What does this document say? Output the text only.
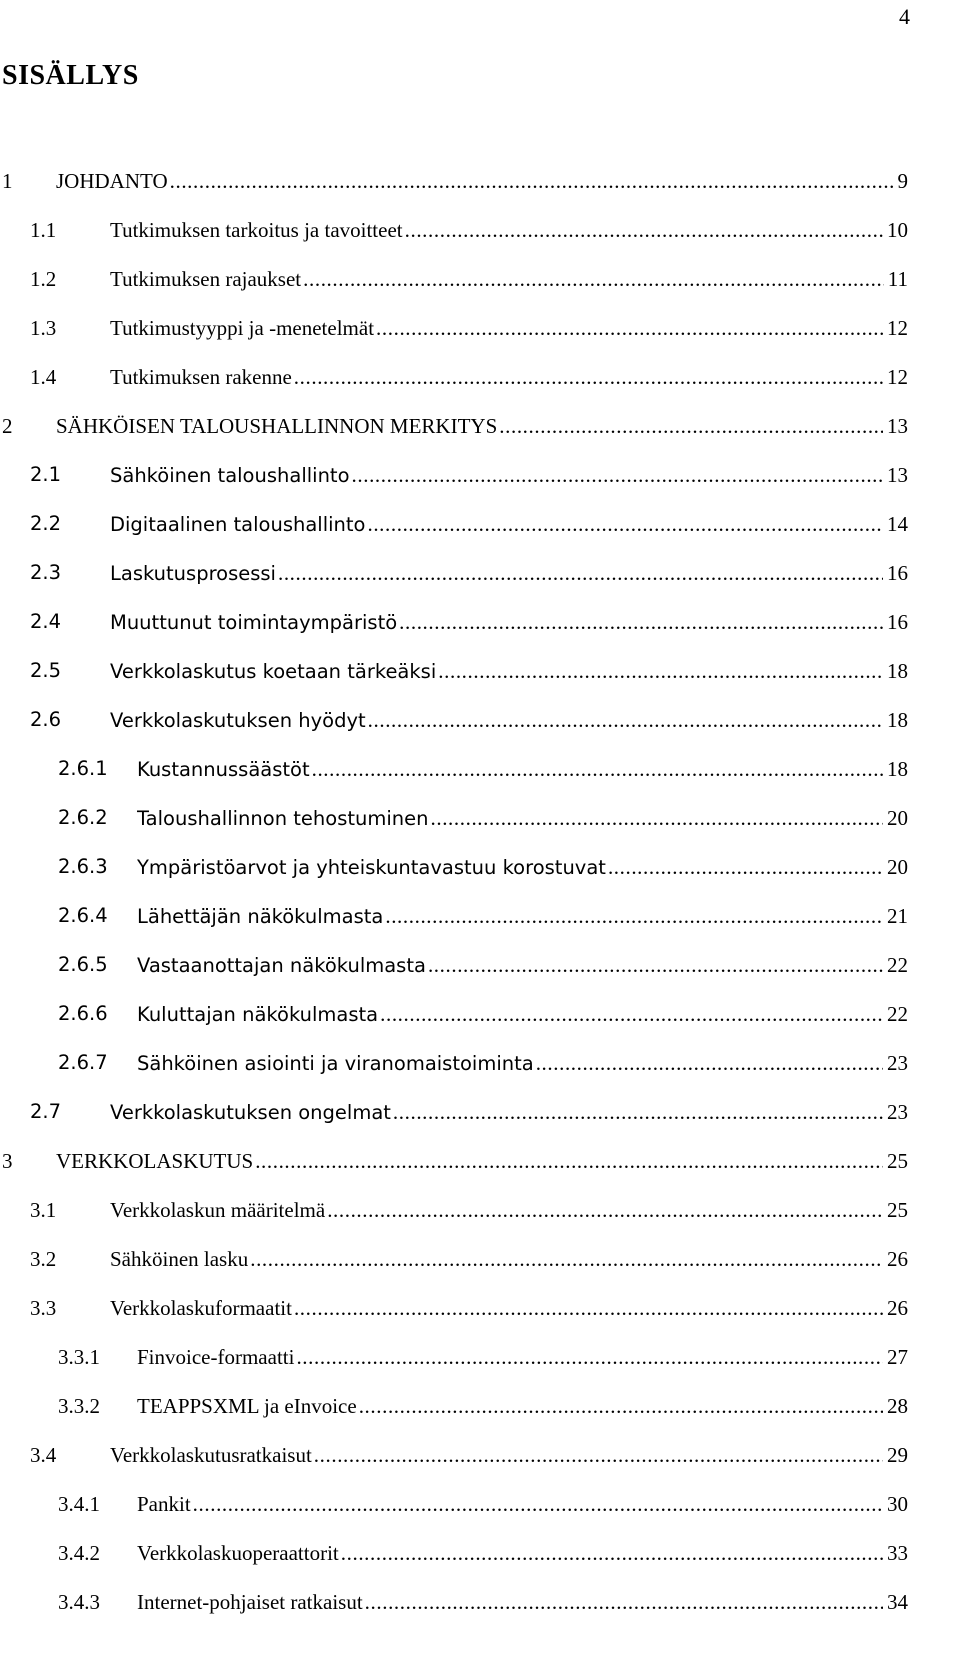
4
SISÄLLYS
1 JOHDANTO .....	9
1.1	Tutkimuksen tarkoitus ja tavoitteet .....	10
1.2	Tutkimuksen rajaukset .....	11
1.3	Tutkimustyyppi ja -menetelmät .....	12
1.4	Tutkimuksen rakenne .....	12
2 SÄHKÖISEN TALOUSHALLINNON MERKITYS .....	13
2.1	Sähköinen taloushallinto .....	13
2.2	Digitaalinen taloushallinto .....	14
2.3	Laskutusprosessi .....	16
2.4	Muuttunut toimintaympäristö .....	16
2.5	Verkkolaskutus koetaan tärkeäksi .....	18
2.6	Verkkolaskutuksen hyödyt .....	18
2.6.1 Kustannussäästöt .....	18
2.6.2 Taloushallinnon tehostuminen .....	20
2.6.3 Ympäristöarvot ja yhteiskuntavastuu korostuvat .....	20
2.6.4 Lähettäjän näkökulmasta .....	21
2.6.5 Vastaanottajan näkökulmasta .....	22
2.6.6 Kuluttajan näkökulmasta .....	22
2.6.7 Sähköinen asiointi ja viranomaistoiminta .....	23
2.7	Verkkolaskutuksen ongelmat .....	23
3 VERKKOLASKUTUS .....	25
3.1	Verkkolaskun määritelmä .....	25
3.2	Sähköinen lasku .....	26
3.3	Verkkolaskuformaatit .....	26
3.3.1 Finvoice-formaatti .....	27
3.3.2 TEAPPSXML ja eInvoice .....	28
3.4	Verkkolaskutusratkaisut .....	29
3.4.1 Pankit .....	30
3.4.2 Verkkolaskuoperaattorit .....	33
3.4.3 Internet-pohjaiset ratkaisut .....	34
